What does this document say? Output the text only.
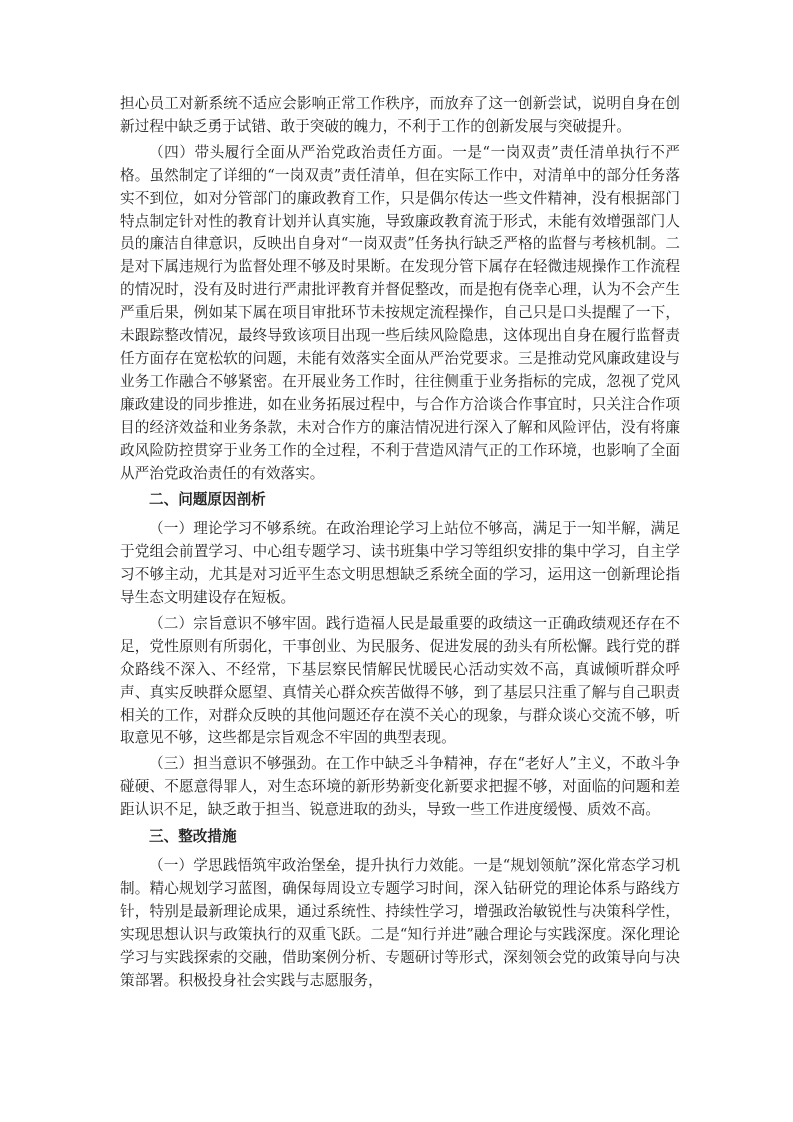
担心员工对新系统不适应会影响正常工作秩序，而放弃了这一创新尝试，说明自身在创新过程中缺乏勇于试错、敢于突破的魄力，不利于工作的创新发展与突破提升。

（四）带头履行全面从严治党政治责任方面。一是“一岗双责”责任清单执行不严格。虽然制定了详细的“一岗双责”责任清单，但在实际工作中，对清单中的部分任务落实不到位，如对分管部门的廉政教育工作，只是偶尔传达一些文件精神，没有根据部门特点制定针对性的教育计划并认真实施，导致廉政教育流于形式，未能有效增强部门人员的廉洁自律意识，反映出自身对“一岗双责”任务执行缺乏严格的监督与考核机制。二是对下属违规行为监督处理不够及时果断。在发现分管下属存在轻微违规操作工作流程的情况时，没有及时进行严肃批评教育并督促整改，而是抱有侥幸心理，认为不会产生严重后果，例如某下属在项目审批环节未按规定流程操作，自己只是口头提醒了一下，未跟踪整改情况，最终导致该项目出现一些后续风险隐患，这体现出自身在履行监督责任方面存在宽松软的问题，未能有效落实全面从严治党要求。三是推动党风廉政建设与业务工作融合不够紧密。在开展业务工作时，往往侧重于业务指标的完成，忽视了党风廉政建设的同步推进，如在业务拓展过程中，与合作方洽谈合作事宜时，只关注合作项目的经济效益和业务条款，未对合作方的廉洁情况进行深入了解和风险评估，没有将廉政风险防控贯穿于业务工作的全过程，不利于营造风清气正的工作环境，也影响了全面从严治党政治责任的有效落实。

二、问题原因剖析

（一）理论学习不够系统。在政治理论学习上站位不够高，满足于一知半解，满足于党组会前置学习、中心组专题学习、读书班集中学习等组织安排的集中学习，自主学习不够主动，尤其是对习近平生态文明思想缺乏系统全面的学习，运用这一创新理论指导生态文明建设存在短板。

（二）宗旨意识不够牢固。践行造福人民是最重要的政绩这一正确政绩观还存在不足，党性原则有所弱化，干事创业、为民服务、促进发展的劲头有所松懈。践行党的群众路线不深入、不经常，下基层察民情解民忧暖民心活动实效不高，真诚倾听群众呼声、真实反映群众愿望、真情关心群众疾苦做得不够，到了基层只注重了解与自己职责相关的工作，对群众反映的其他问题还存在漠不关心的现象，与群众谈心交流不够，听取意见不够，这些都是宗旨观念不牢固的典型表现。

（三）担当意识不够强劲。在工作中缺乏斗争精神，存在“老好人”主义，不敢斗争碰硬、不愿意得罪人，对生态环境的新形势新变化新要求把握不够，对面临的问题和差距认识不足，缺乏敢于担当、锐意进取的劲头，导致一些工作进度缓慢、质效不高。

三、整改措施

（一）学思践悟筑牢政治堡垒，提升执行力效能。一是“规划领航”深化常态学习机制。精心规划学习蓝图，确保每周设立专题学习时间，深入钻研党的理论体系与路线方针，特别是最新理论成果，通过系统性、持续性学习，增强政治敏锐性与决策科学性，实现思想认识与政策执行的双重飞跃。二是“知行并进”融合理论与实践深度。深化理论学习与实践探索的交融，借助案例分析、专题研讨等形式，深刻领会党的政策导向与决策部署。积极投身社会实践与志愿服务，
